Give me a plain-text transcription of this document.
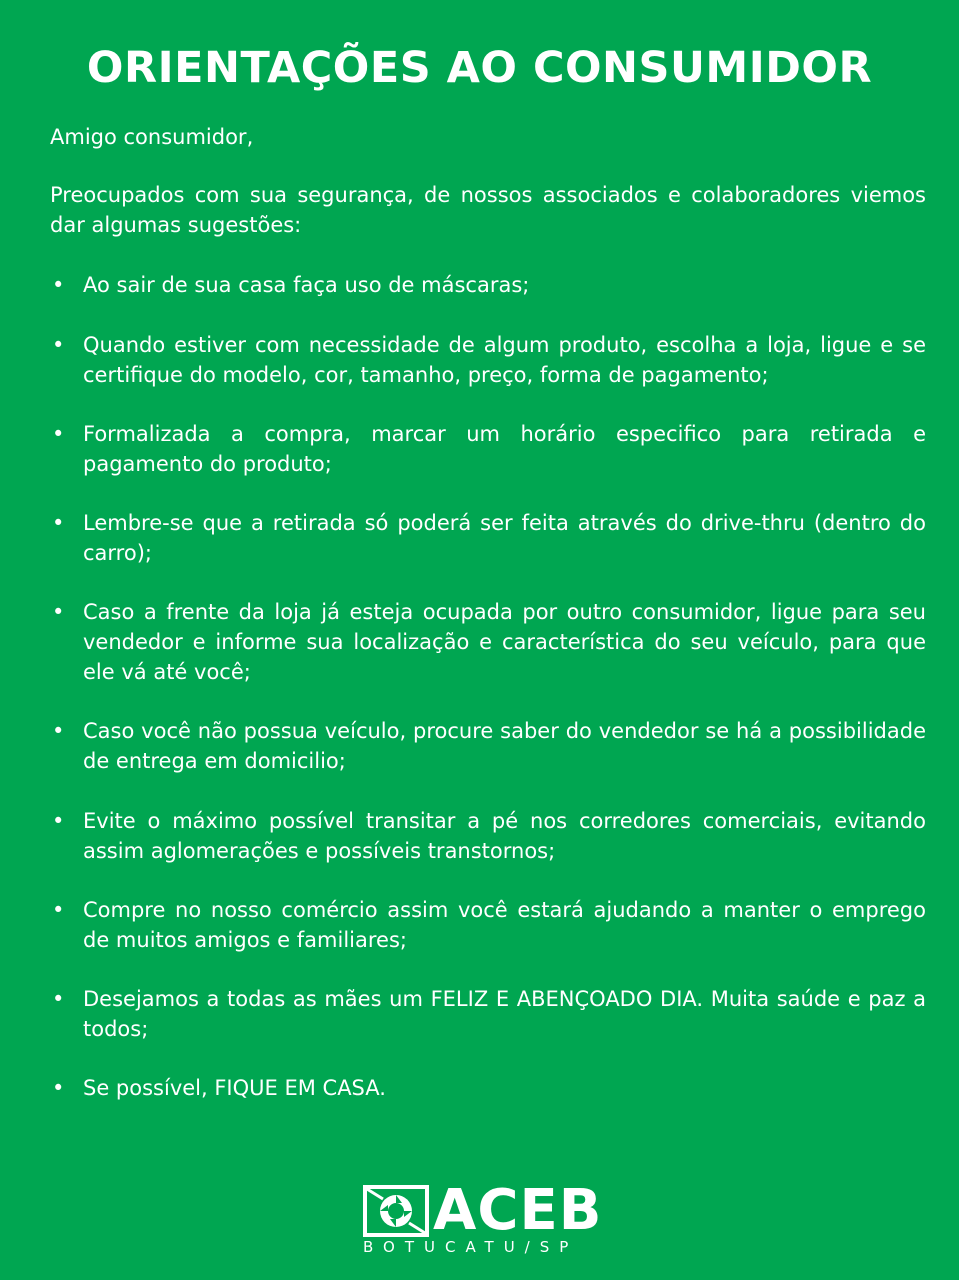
ORIENTAÇÕES AO CONSUMIDOR

Amigo consumidor,

Preocupados com sua segurança, de nossos associados e colaboradores viemos dar algumas sugestões:

• Ao sair de sua casa faça uso de máscaras;
• Quando estiver com necessidade de algum produto, escolha a loja, ligue e se certifique do modelo, cor, tamanho, preço, forma de pagamento;
• Formalizada a compra, marcar um horário especifico para retirada e pagamento do produto;
• Lembre-se que a retirada só poderá ser feita através do drive-thru (dentro do carro);
• Caso a frente da loja já esteja ocupada por outro consumidor, ligue para seu vendedor e informe sua localização e característica do seu veículo, para que ele vá até você;
• Caso você não possua veículo, procure saber do vendedor se há a possibilidade de entrega em domicilio;
• Evite o máximo possível transitar a pé nos corredores comerciais, evitando assim aglomerações e possíveis transtornos;
• Compre no nosso comércio assim você estará ajudando a manter o emprego de muitos amigos e familiares;
• Desejamos a todas as mães um FELIZ E ABENÇOADO DIA. Muita saúde e paz a todos;
• Se possível, FIQUE EM CASA.
ACEB
BOTUCATU/SP
